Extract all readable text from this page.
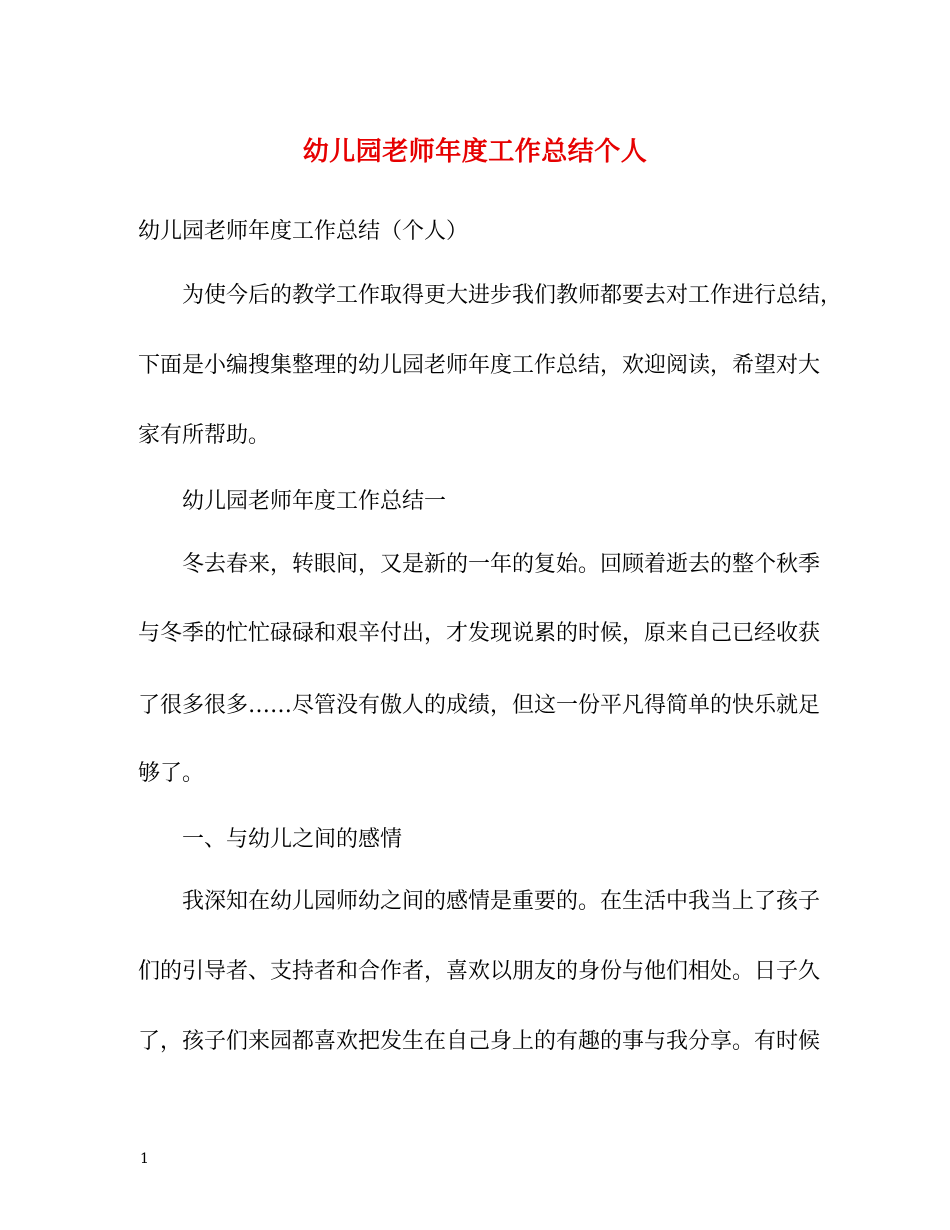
幼儿园老师年度工作总结个人
幼儿园老师年度工作总结（个人）
为使今后的教学工作取得更大进步我们教师都要去对工作进行总结，
下面是小编搜集整理的幼儿园老师年度工作总结，欢迎阅读，希望对大
家有所帮助。
幼儿园老师年度工作总结一
冬去春来，转眼间，又是新的一年的复始。回顾着逝去的整个秋季
与冬季的忙忙碌碌和艰辛付出，才发现说累的时候，原来自己已经收获
了很多很多……尽管没有傲人的成绩，但这一份平凡得简单的快乐就足
够了。
一、与幼儿之间的感情
我深知在幼儿园师幼之间的感情是重要的。在生活中我当上了孩子
们的引导者、支持者和合作者，喜欢以朋友的身份与他们相处。日子久
了，孩子们来园都喜欢把发生在自己身上的有趣的事与我分享。有时候
1
